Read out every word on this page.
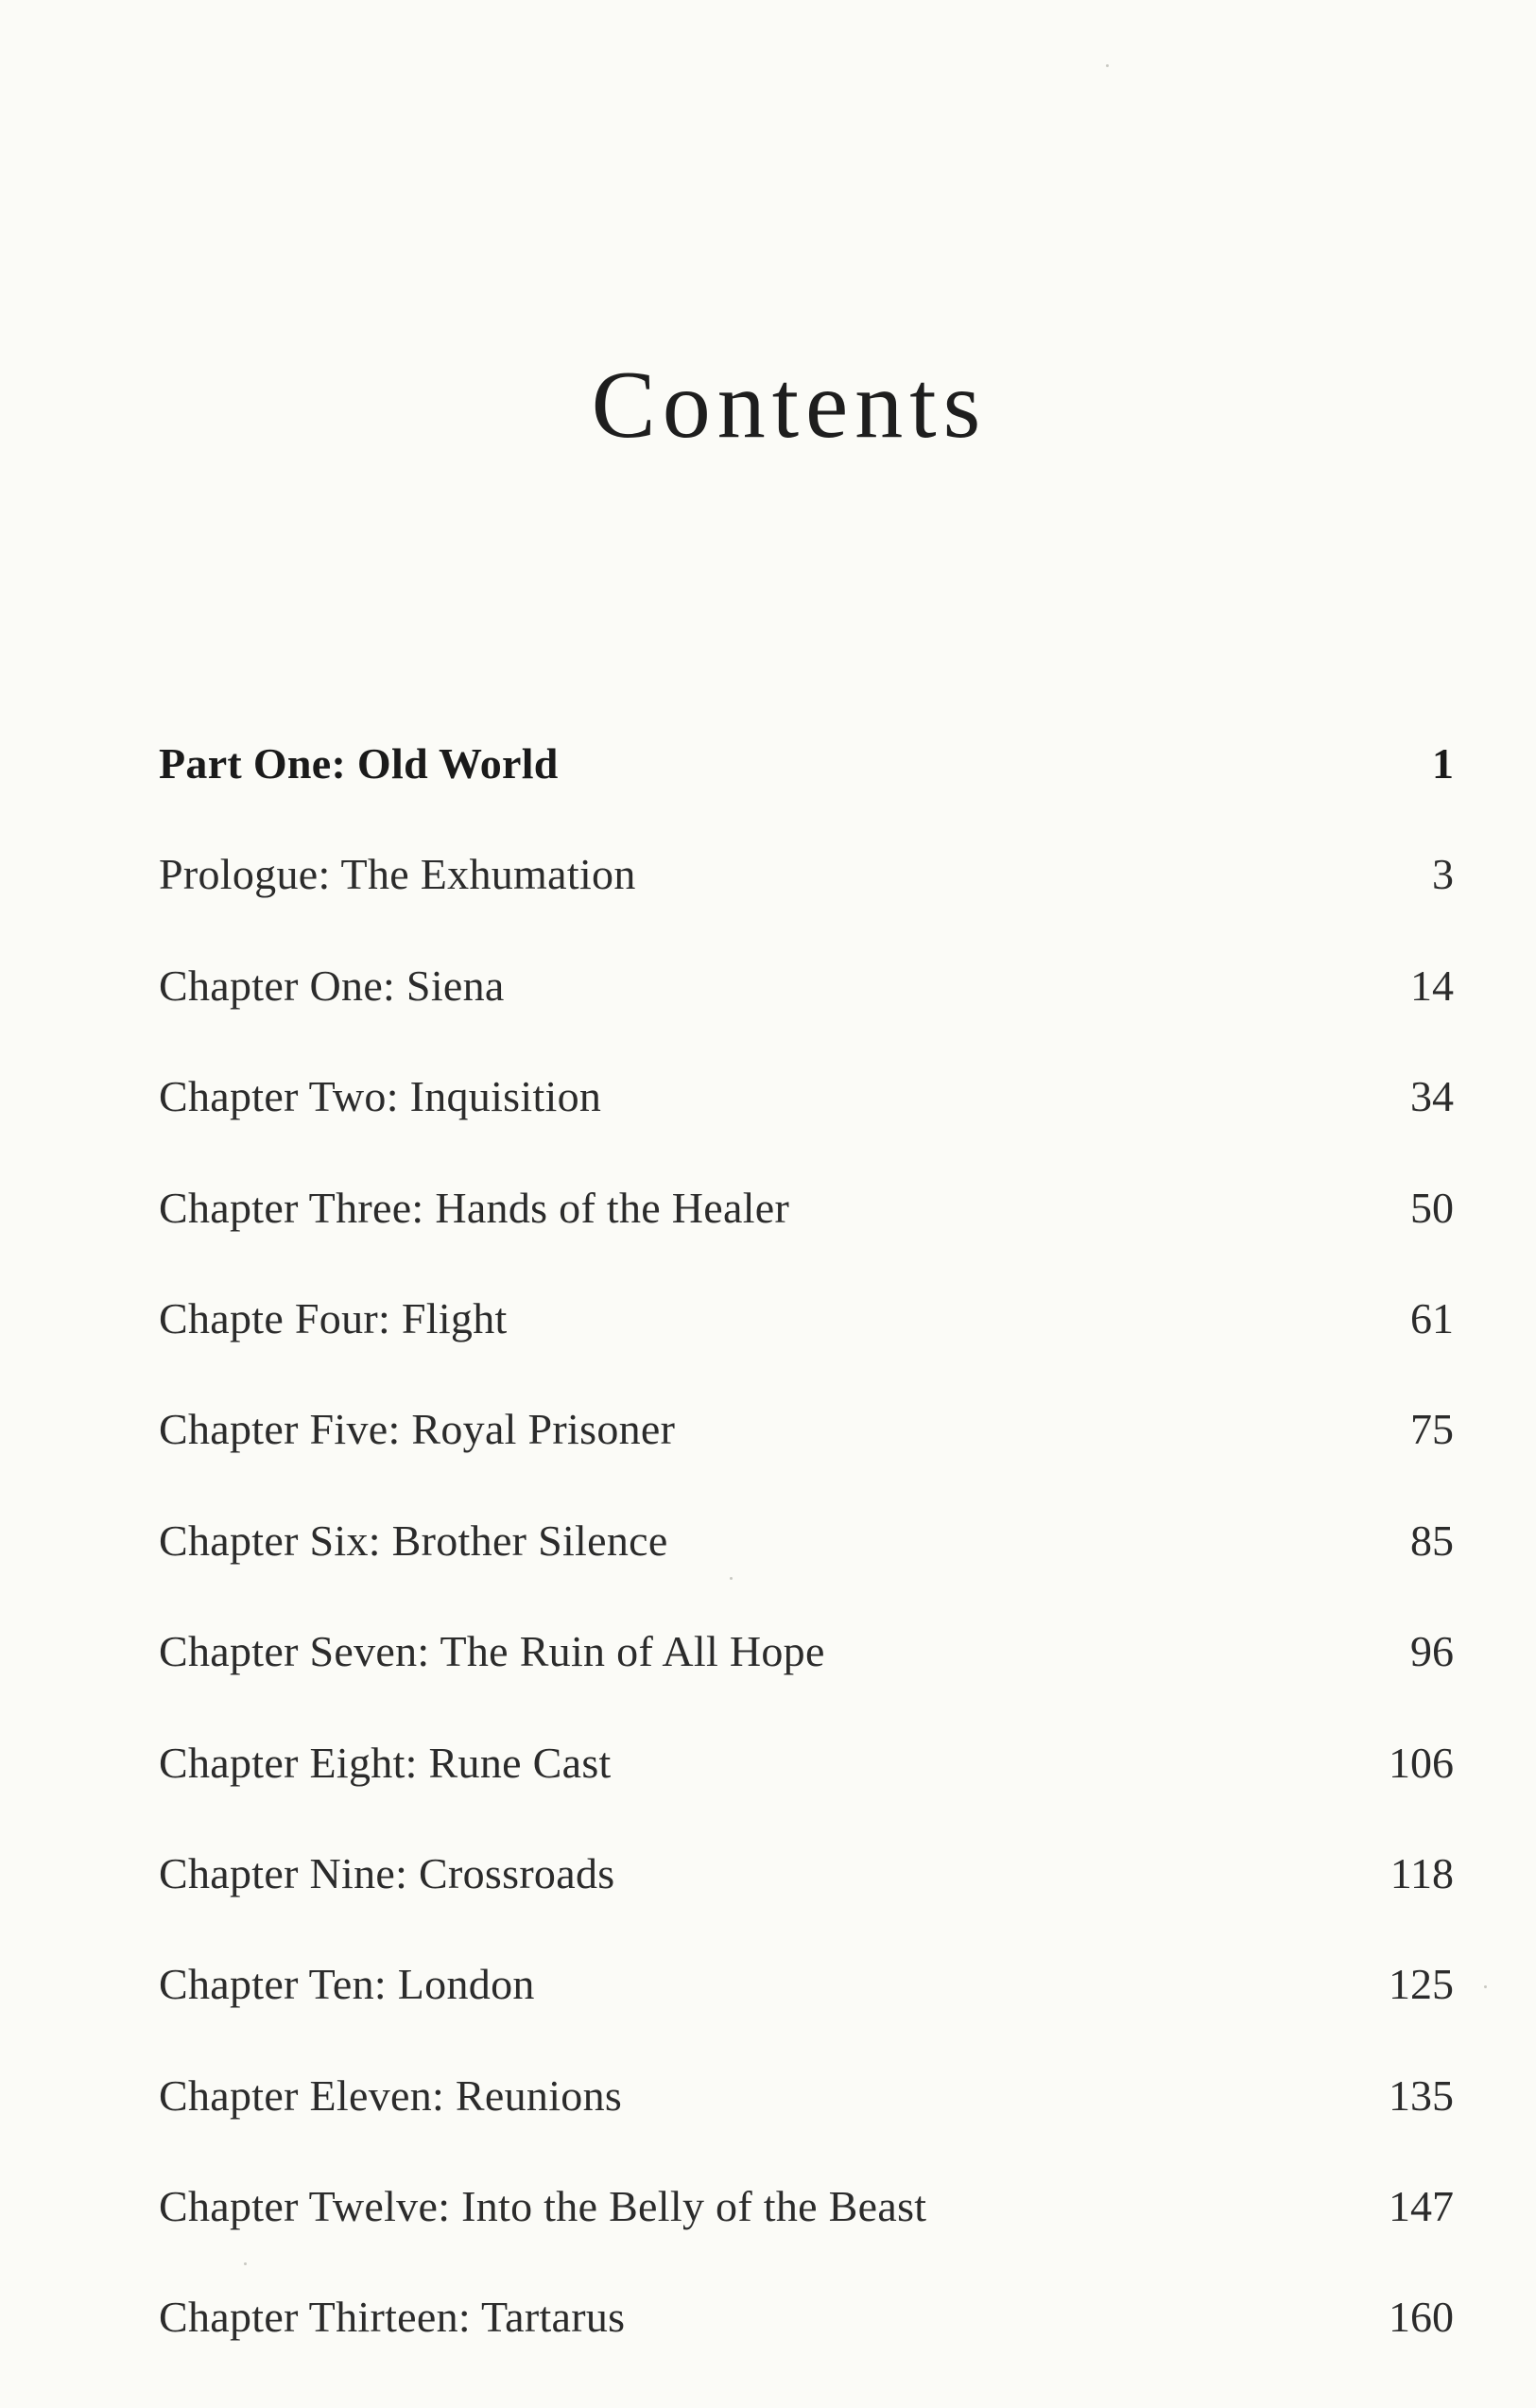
Contents
Part One: Old World	1
Prologue: The Exhumation	3
Chapter One: Siena	14
Chapter Two: Inquisition	34
Chapter Three: Hands of the Healer	50
Chapte Four: Flight	61
Chapter Five: Royal Prisoner	75
Chapter Six: Brother Silence	85
Chapter Seven: The Ruin of All Hope	96
Chapter Eight: Rune Cast	106
Chapter Nine: Crossroads	118
Chapter Ten: London	125
Chapter Eleven: Reunions	135
Chapter Twelve: Into the Belly of the Beast	147
Chapter Thirteen: Tartarus	160
